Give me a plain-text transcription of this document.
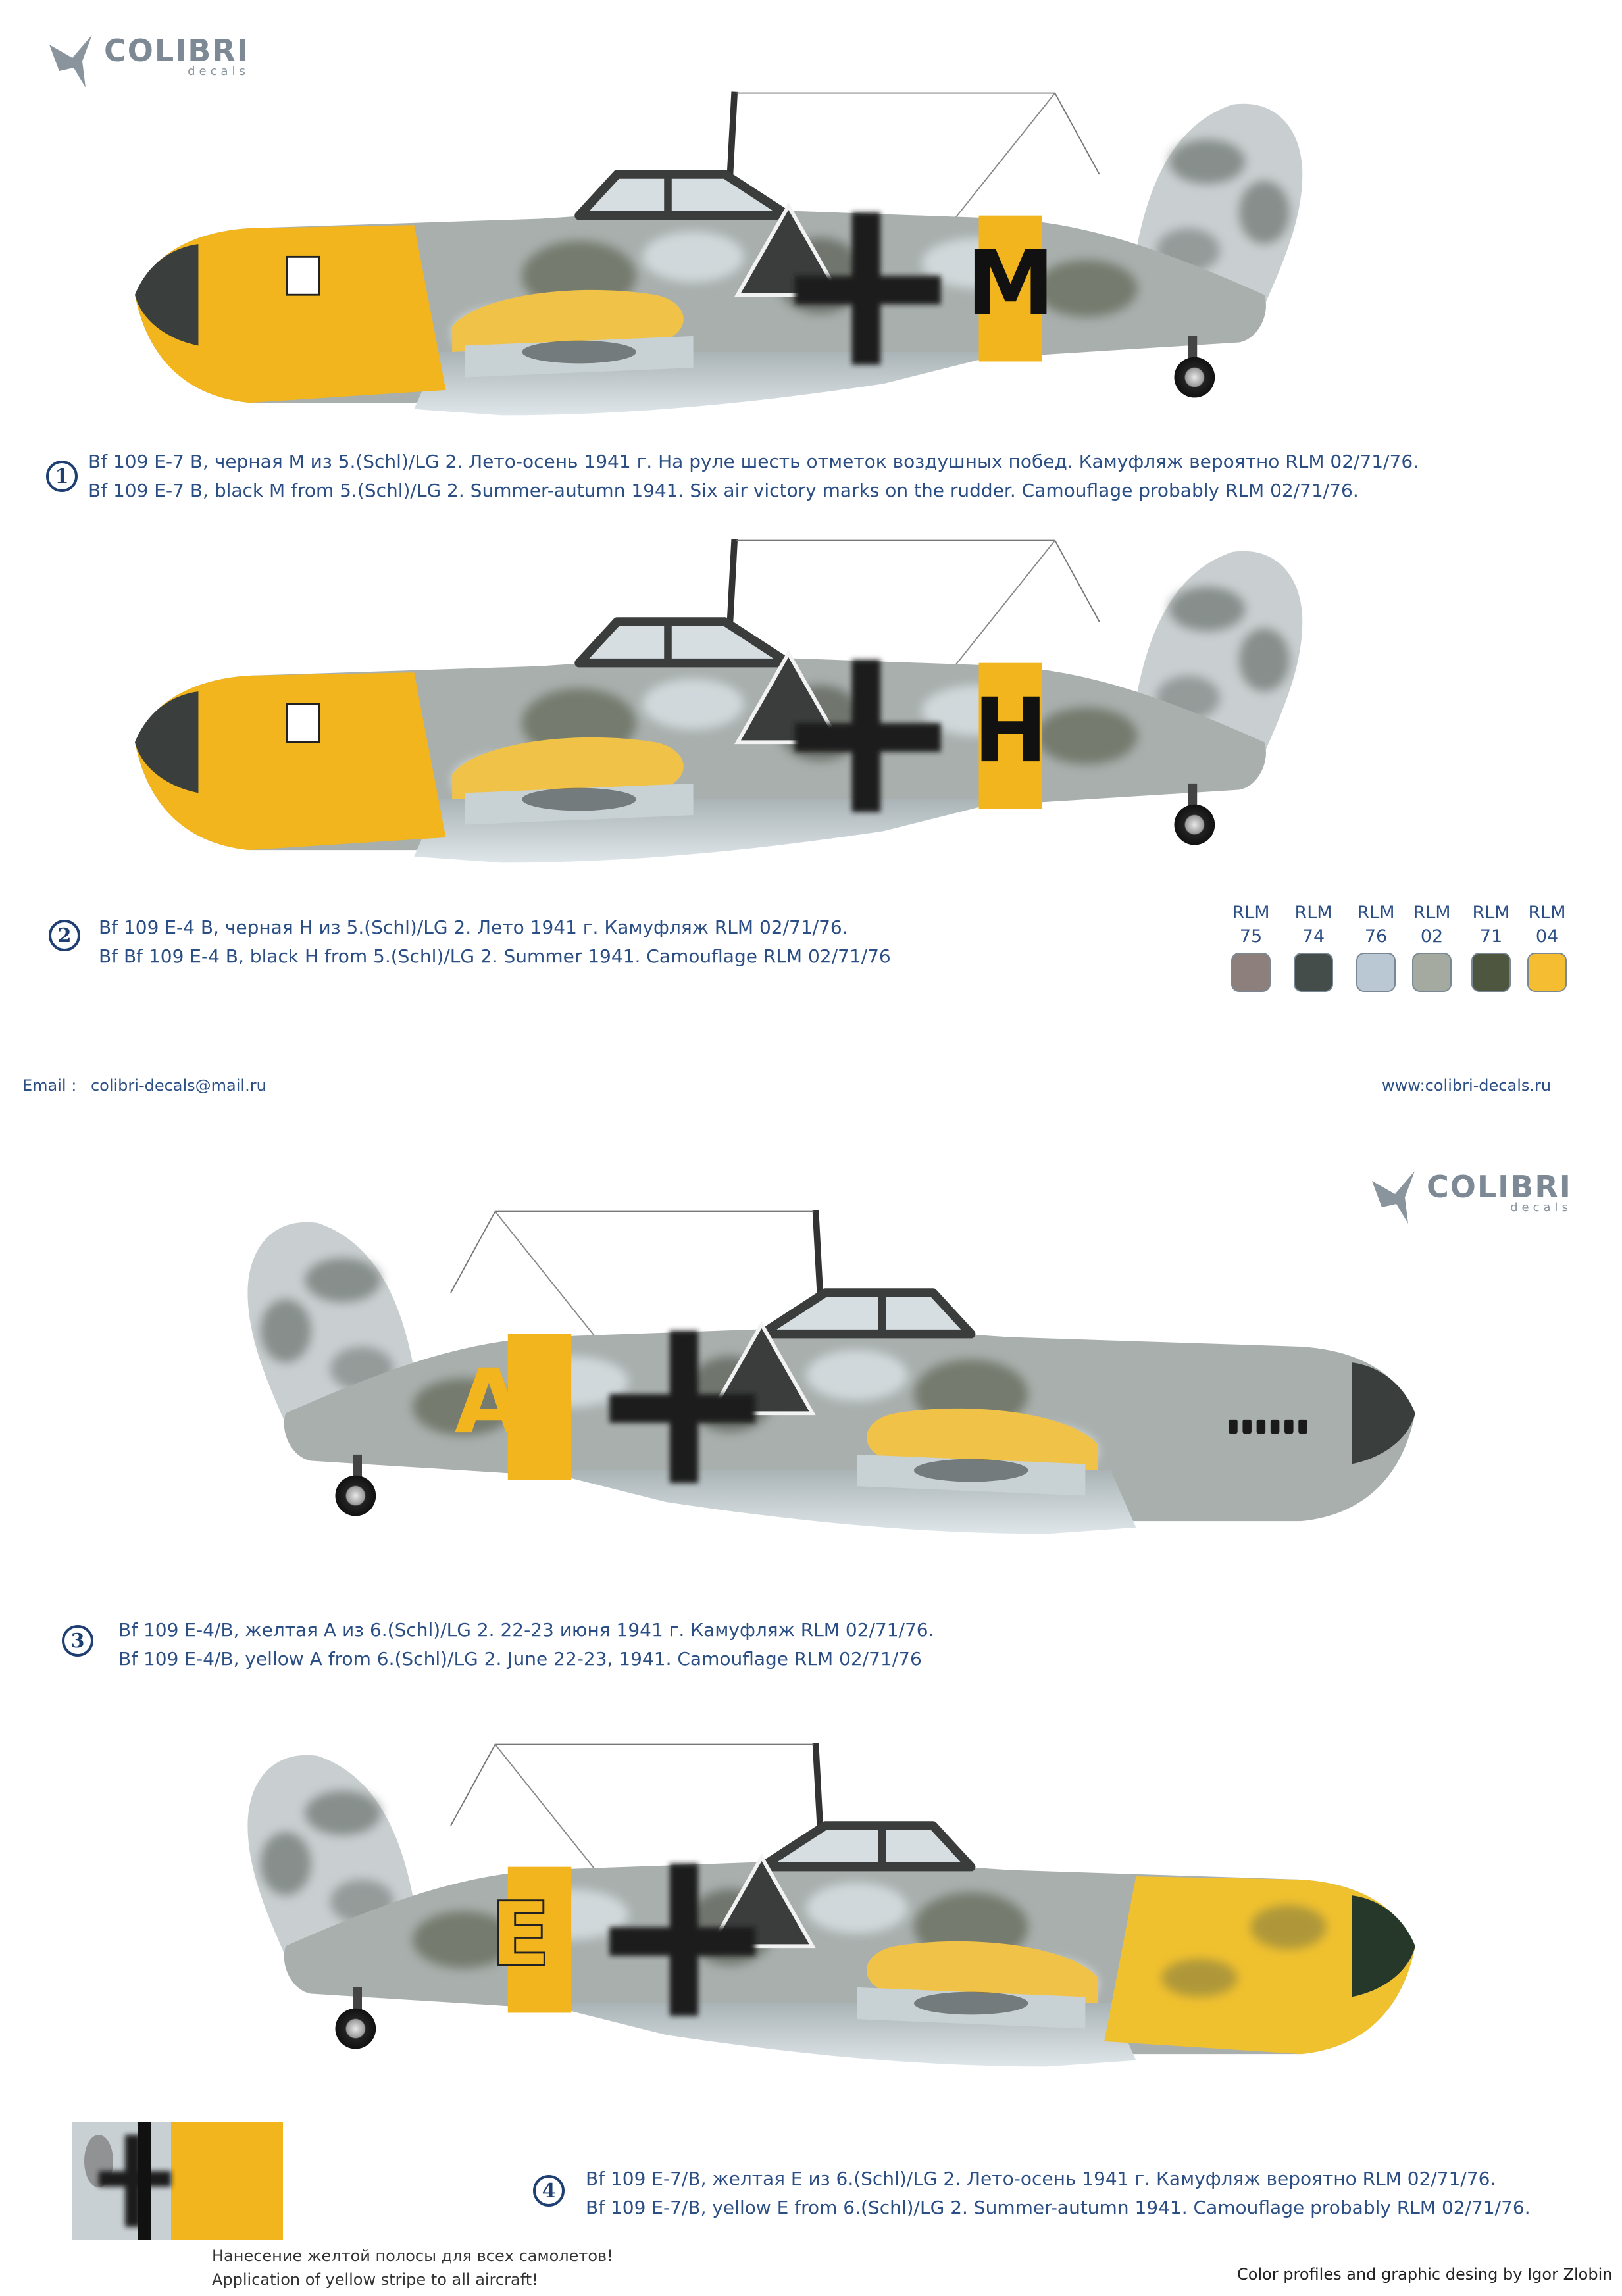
COLIBRI
decals
COLIBRI
decals
M
H
A
E
1
Bf 109 E-7 B, черная М из 5.(Schl)/LG 2. Лето-осень 1941 г. На руле шесть отметок воздушных побед. Камуфляж вероятно RLM 02/71/76.
Bf 109 E-7 B, black M from 5.(Schl)/LG 2. Summer-autumn 1941. Six air victory marks on the rudder. Camouflage probably RLM 02/71/76.
2	Bf 109 E-4 B, черная Н из 5.(Schl)/LG 2. Лето 1941 г. Камуфляж RLM 02/71/76.
Bf Bf 109 E-4 B, black H from 5.(Schl)/LG 2. Summer 1941. Camouflage RLM 02/71/76
RLM
75
RLM
74
RLM
76
RLM
02
RLM
71
RLM
04
Email : colibri-decals@mail.ru	www:colibri-decals.ru
3	Bf 109 E-4/B, желтая А из 6.(Schl)/LG 2. 22-23 июня 1941 г. Камуфляж RLM 02/71/76.
Bf 109 E-4/B, yellow A from 6.(Schl)/LG 2. June 22-23, 1941. Camouflage RLM 02/71/76
4
Bf 109 E-7/B, желтая Е из 6.(Schl)/LG 2. Лето-осень 1941 г. Камуфляж вероятно RLM 02/71/76.
Bf 109 E-7/B, yellow E from 6.(Schl)/LG 2. Summer-autumn 1941. Camouflage probably RLM 02/71/76.
Нанесение желтой полосы для всех самолетов!
Application of yellow stripe to all aircraft!	Color profiles and graphic desing by Igor Zlobin
